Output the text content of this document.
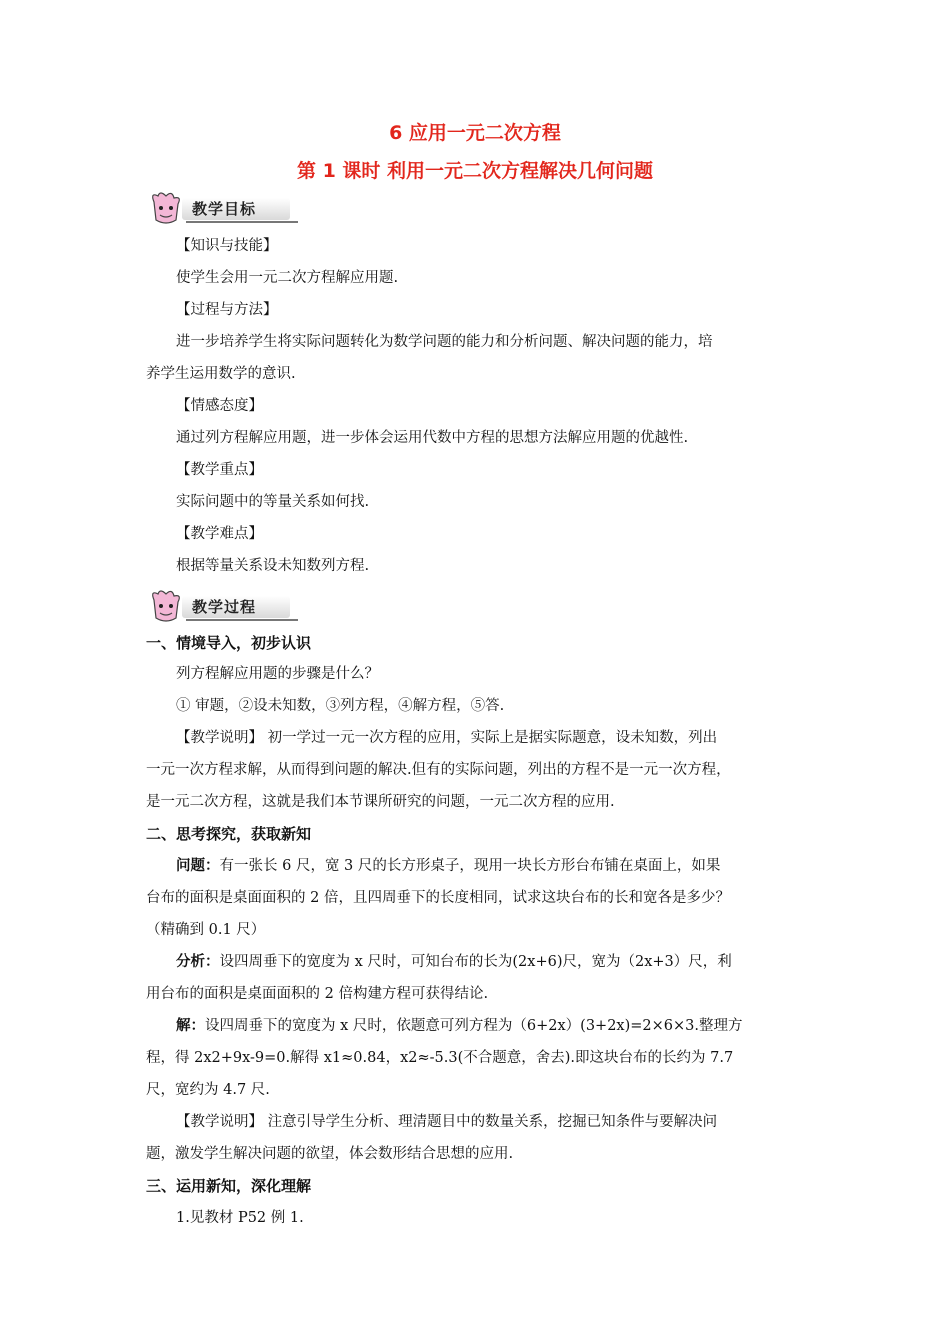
6 应用一元二次方程
第 1 课时 利用一元二次方程解决几何问题
教学目标
【知识与技能】
使学生会用一元二次方程解应用题.
【过程与方法】
进一步培养学生将实际问题转化为数学问题的能力和分析问题、解决问题的能力，培
养学生运用数学的意识.
【情感态度】
通过列方程解应用题，进一步体会运用代数中方程的思想方法解应用题的优越性.
【教学重点】
实际问题中的等量关系如何找.
【教学难点】
根据等量关系设未知数列方程.
教学过程
一、情境导入，初步认识
列方程解应用题的步骤是什么？
① 审题，②设未知数，③列方程，④解方程，⑤答.
【教学说明】 初一学过一元一次方程的应用，实际上是据实际题意，设未知数，列出
一元一次方程求解，从而得到问题的解决.但有的实际问题，列出的方程不是一元一次方程，
是一元二次方程，这就是我们本节课所研究的问题，一元二次方程的应用.
二、思考探究，获取新知
问题：有一张长 6 尺，宽 3 尺的长方形桌子，现用一块长方形台布铺在桌面上，如果
台布的面积是桌面面积的 2 倍，且四周垂下的长度相同，试求这块台布的长和宽各是多少？
（精确到 0.1 尺）
分析：设四周垂下的宽度为 x 尺时，可知台布的长为(2x+6)尺，宽为（2x+3）尺，利
用台布的面积是桌面面积的 2 倍构建方程可获得结论.
解：设四周垂下的宽度为 x 尺时，依题意可列方程为（6+2x）(3+2x)=2×6×3.整理方
程，得 2x2+9x-9=0.解得 x1≈0.84，x2≈-5.3(不合题意，舍去).即这块台布的长约为 7.7
尺，宽约为 4.7 尺.
【教学说明】 注意引导学生分析、理清题目中的数量关系，挖掘已知条件与要解决问
题，激发学生解决问题的欲望，体会数形结合思想的应用.
三、运用新知，深化理解
1.见教材 P52 例 1.
